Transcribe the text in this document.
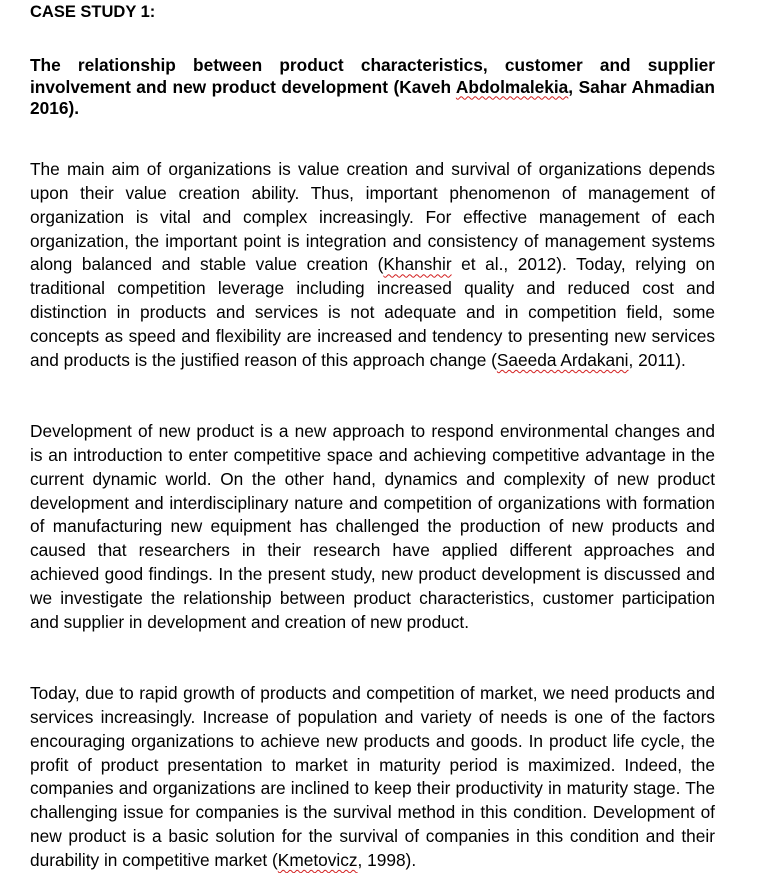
CASE STUDY 1:

The relationship between product characteristics, customer and supplier involvement and new product development (Kaveh Abdolmalekia, Sahar Ahmadian 2016).

The main aim of organizations is value creation and survival of organizations depends upon their value creation ability. Thus, important phenomenon of management of organization is vital and complex increasingly. For effective management of each organization, the important point is integration and consistency of management systems along balanced and stable value creation (Khanshir et al., 2012). Today, relying on traditional competition leverage including increased quality and reduced cost and distinction in products and services is not adequate and in competition field, some concepts as speed and flexibility are increased and tendency to presenting new services and products is the justified reason of this approach change (Saeeda Ardakani, 2011).

Development of new product is a new approach to respond environmental changes and is an introduction to enter competitive space and achieving competitive advantage in the current dynamic world. On the other hand, dynamics and complexity of new product development and interdisciplinary nature and competition of organizations with formation of manufacturing new equipment has challenged the production of new products and caused that researchers in their research have applied different approaches and achieved good findings. In the present study, new product development is discussed and we investigate the relationship between product characteristics, customer participation and supplier in development and creation of new product.

Today, due to rapid growth of products and competition of market, we need products and services increasingly. Increase of population and variety of needs is one of the factors encouraging organizations to achieve new products and goods. In product life cycle, the profit of product presentation to market in maturity period is maximized. Indeed, the companies and organizations are inclined to keep their productivity in maturity stage. The challenging issue for companies is the survival method in this condition. Development of new product is a basic solution for the survival of companies in this condition and their durability in competitive market (Kmetovicz, 1998).
